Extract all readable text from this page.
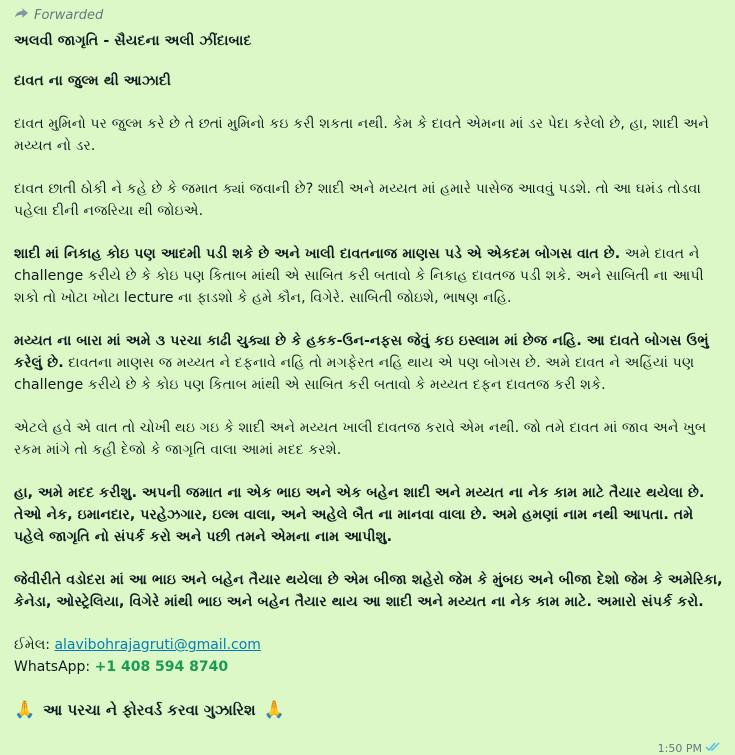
Forwarded
અલવી જાગૃતિ - સૈયદના અલી ઝીંદાબાદ
દાવત ના જુલ્મ થી આઝાદી
દાવત મુમિનો પર જુલ્મ કરે છે તે છતાં મુમિનો કઇ કરી શકતા નથી. કેમ કે દાવતે એમના માં ડર પેદા કરેલો છે, હા, શાદી અને મય્યત નો ડર.
દાવત છાતી ઠોકી ને કહે છે કે જમાત ક્યાં જવાની છે? શાદી અને મય્યત માં હમારે પાસેજ આવવું પડશે. તો આ ઘમંડ તોડવા પહેલા દીની નજરિયા થી જોઇએ.
શાદી માં નિકાહ કોઇ પણ આદમી પડી શકે છે અને ખાલી દાવતનાજ માણસ પડે એ એકદમ બોગસ વાત છે. અમે દાવત ને challenge કરીયે છે કે કોઇ પણ કિતાબ માંથી એ સાબિત કરી બતાવો કે નિકાહ દાવતજ પડી શકે. અને સાબિતી ના આપી શકો તો ખોટા ખોટા lecture ના ફાડશો કે હમે કૌન, વિગેરે. સાબિતી જોઇશે, ભાષણ નહિ.
મય્યત ના બારા માં અમે ૩ પરચા કાઢી ચુક્યા છે કે હકક-ઉન-નફસ જેવું કઇ ઇસ્લામ માં છેજ નહિ. આ દાવતે બોગસ ઉભું કરેલું છે. દાવતના માણસ જ મય્યત ને દફનાવે નહિ તો મગફેરત નહિ થાય એ પણ બોગસ છે. અમે દાવત ને અહિંયાં પણ challenge કરીયે છે કે કોઇ પણ કિતાબ માંથી એ સાબિત કરી બતાવો કે મય્યત દફન દાવતજ કરી શકે.
એટલે હવે એ વાત તો ચોખી થઇ ગઇ કે શાદી અને મય્યત ખાલી દાવતજ કરાવે એમ નથી. જો તમે દાવત માં જાવ અને ખુબ રકમ માંગે તો કહી દેજો કે જાગૃતિ વાલા આમાં મદદ કરશે.
હા, અમે મદદ કરીશુ. અપની જમાત ના એક ભાઇ અને એક બહેન શાદી અને મય્યત ના નેક કામ માટે તૈયાર થયેલા છે. તેઓ નેક, ઇમાનદાર, પરહેઝગાર, ઇલ્મ વાલા, અને અહેલે બૈત ના માનવા વાલા છે. અમે હમણાં નામ નથી આપતા. તમે પહેલે જાગૃતિ નો સંપર્ક કરો અને પછી તમને એમના નામ આપીશુ.
જેવીરીતે વડોદરા માં આ ભાઇ અને બહેન તૈયાર થયેલા છે એમ બીજા શહેરો જેમ કે મુંબઇ અને બીજા દેશો જેમ કે અમેરિકા, કેનેડા, ઓસ્ટ્રેલિયા, વિગેરે માંથી ભાઇ અને બહેન તૈયાર થાય આ શાદી અને મય્યત ના નેક કામ માટે. અમારો સંપર્ક કરો.
ઈમેલ: alavibohrajagruti@gmail.com
WhatsApp: +1 408 594 8740
🙏 આ પરચા ને ફોરવર્ડ કરવા ગુઝારિશ 🙏
1:50 PM
